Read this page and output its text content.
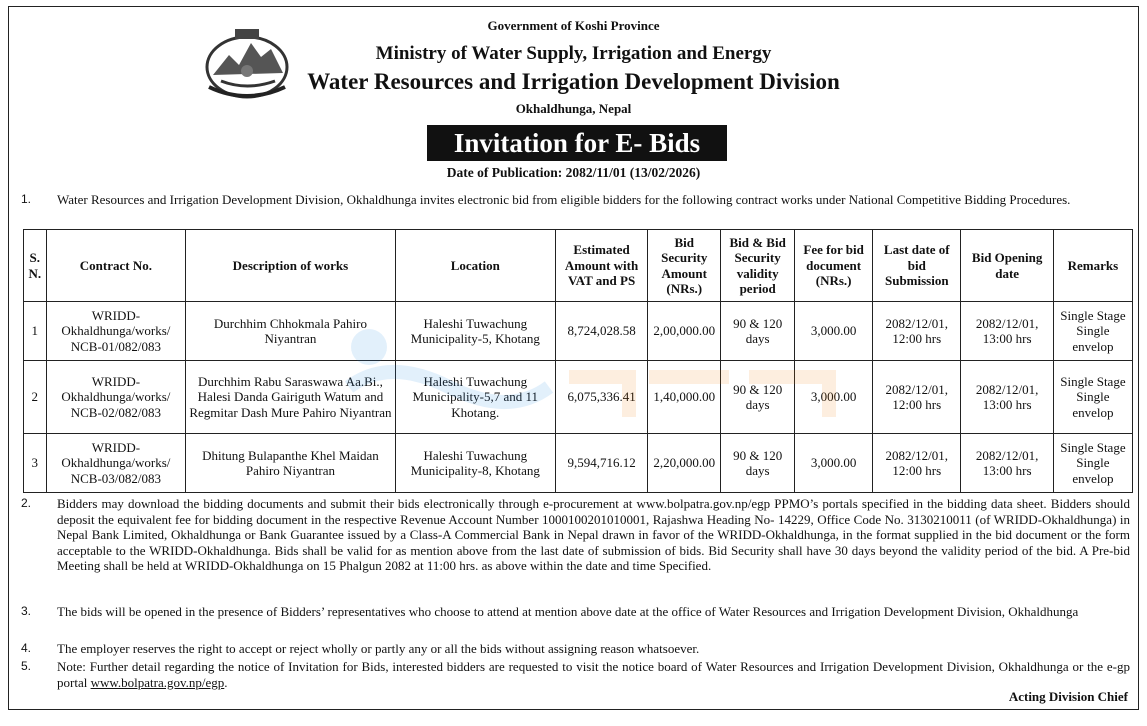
Government of Koshi Province
Ministry of Water Supply, Irrigation and Energy
Water Resources and Irrigation Development Division
Okhaldhunga, Nepal
Invitation for E- Bids
Date of Publication: 2082/11/01 (13/02/2026)
1. Water Resources and Irrigation Development Division, Okhaldhunga invites electronic bid from eligible bidders for the following contract works under National Competitive Bidding Procedures.
S. N.	Contract No.	Description of works	Location	Estimated Amount with VAT and PS	Bid Security Amount (NRs.)	Bid & Bid Security validity period	Fee for bid document (NRs.)	Last date of bid Submission	Bid Opening date	Remarks
1	WRIDD-Okhaldhunga/works/ NCB-01/082/083	Durchhim Chhokmala Pahiro Niyantran	Haleshi Tuwachung Municipality-5, Khotang	8,724,028.58	2,00,000.00	90 & 120 days	3,000.00	2082/12/01, 12:00 hrs	2082/12/01, 13:00 hrs	Single Stage Single envelop
2	WRIDD-Okhaldhunga/works/ NCB-02/082/083	Durchhim Rabu Saraswawa Aa.Bi., Halesi Danda Gairiguth Watum and Regmitar Dash Mure Pahiro Niyantran	Haleshi Tuwachung Municipality-5,7 and 11 Khotang.	6,075,336.41	1,40,000.00	90 & 120 days	3,000.00	2082/12/01, 12:00 hrs	2082/12/01, 13:00 hrs	Single Stage Single envelop
3	WRIDD-Okhaldhunga/works/ NCB-03/082/083	Dhitung Bulapanthe Khel Maidan Pahiro Niyantran	Haleshi Tuwachung Municipality-8, Khotang	9,594,716.12	2,20,000.00	90 & 120 days	3,000.00	2082/12/01, 12:00 hrs	2082/12/01, 13:00 hrs	Single Stage Single envelop
2. Bidders may download the bidding documents and submit their bids electronically through e-procurement at www.bolpatra.gov.np/egp PPMO’s portals specified in the bidding data sheet. Bidders should deposit the equivalent fee for bidding document in the respective Revenue Account Number 1000100201010001, Rajashwa Heading No- 14229, Office Code No. 3130210011 (of WRIDD-Okhaldhunga) in Nepal Bank Limited, Okhaldhunga or Bank Guarantee issued by a Class-A Commercial Bank in Nepal drawn in favor of the WRIDD-Okhaldhunga, in the format supplied in the bid document or the form acceptable to the WRIDD-Okhaldhunga. Bids shall be valid for as mention above from the last date of submission of bids. Bid Security shall have 30 days beyond the validity period of the bid. A Pre-bid Meeting shall be held at WRIDD-Okhaldhunga on 15 Phalgun 2082 at 11:00 hrs. as above within the date and time Specified.
3. The bids will be opened in the presence of Bidders’ representatives who choose to attend at mention above date at the office of Water Resources and Irrigation Development Division, Okhaldhunga
4. The employer reserves the right to accept or reject wholly or partly any or all the bids without assigning reason whatsoever.
5. Note: Further detail regarding the notice of Invitation for Bids, interested bidders are requested to visit the notice board of Water Resources and Irrigation Development Division, Okhaldhunga or the e-gp portal www.bolpatra.gov.np/egp.
Acting Division Chief
